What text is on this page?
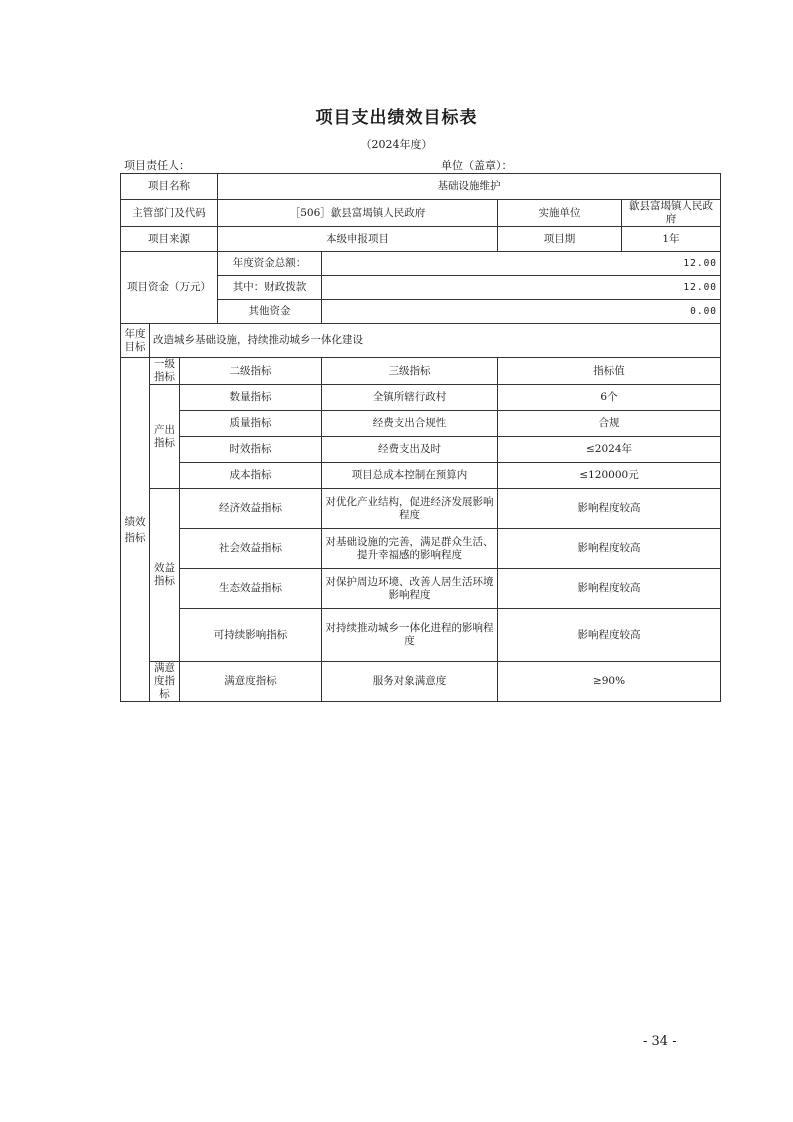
项目支出绩效目标表
（2024年度）
项目责任人：	单位（盖章）：
项目名称			基础设施维护			
主管部门及代码			［506］歙县富堨镇人民政府		实施单位	歙县富堨镇人民政府
项目来源			本级申报项目		项目期	1年
项目资金（万元）			年度资金总额：	12.00		
			其中：财政拨款	12.00		
			其他资金	0.00		
年度目标	改造城乡基础设施，持续推动城乡一体化建设					
绩效指标	一级指标	二级指标		三级指标	指标值	
	产出指标	数量指标		全镇所辖行政村	6个	
		质量指标		经费支出合规性	合规	
		时效指标		经费支出及时	≤2024年	
		成本指标		项目总成本控制在预算内	≤120000元	
	效益指标	经济效益指标		对优化产业结构，促进经济发展影响程度	影响程度较高	
		社会效益指标		对基础设施的完善，满足群众生活、提升幸福感的影响程度	影响程度较高	
		生态效益指标		对保护周边环境、改善人居生活环境影响程度	影响程度较高	
		可持续影响指标		对持续推动城乡一体化进程的影响程度	影响程度较高	
	满意度指标	满意度指标		服务对象满意度	≥90%	
- 34 -
